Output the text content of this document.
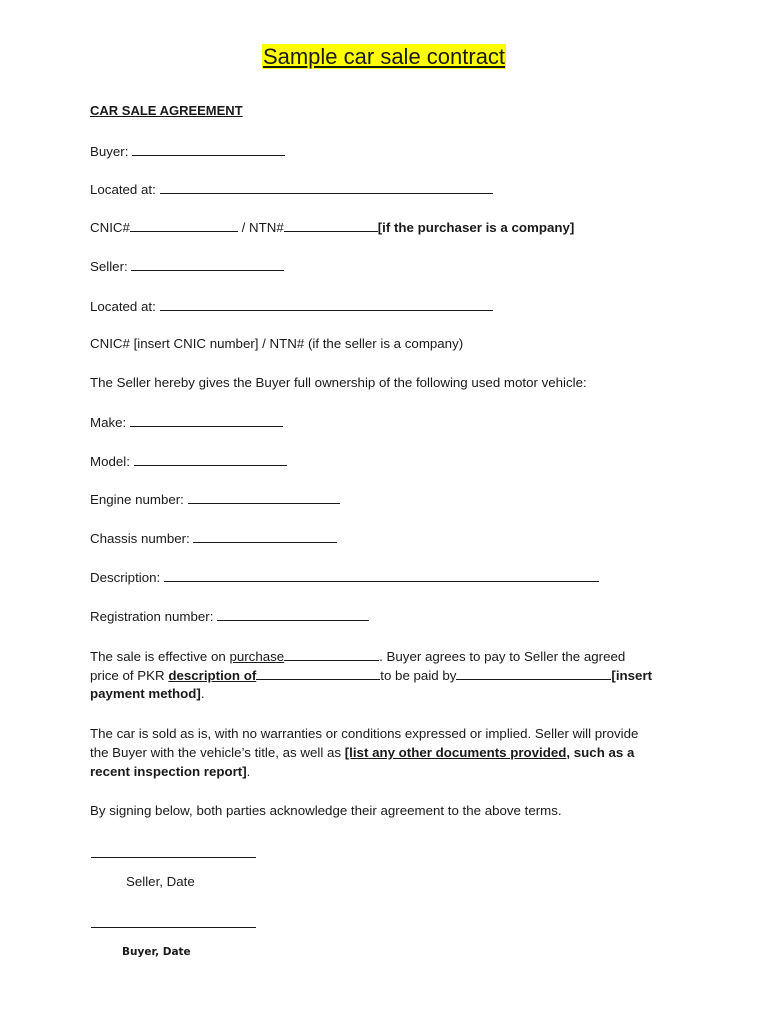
Sample car sale contract
CAR SALE AGREEMENT
Buyer:
Located at:
CNIC#	/ NTN#	[if the purchaser is a company]
Seller:
Located at:
CNIC# [insert CNIC number] / NTN# (if the seller is a company)
The Seller hereby gives the Buyer full ownership of the following used motor vehicle:
Make:
Model:
Engine number:
Chassis number:
Description:
Registration number:
The sale is effective on purchase	. Buyer agrees to pay to Seller the agreed
price of PKR description of	to be paid by	[insert
payment method].
The car is sold as is, with no warranties or conditions expressed or implied. Seller will provide
the Buyer with the vehicle’s title, as well as [list any other documents provided, such as a
recent inspection report].
By signing below, both parties acknowledge their agreement to the above terms.
Seller, Date
Buyer, Date
